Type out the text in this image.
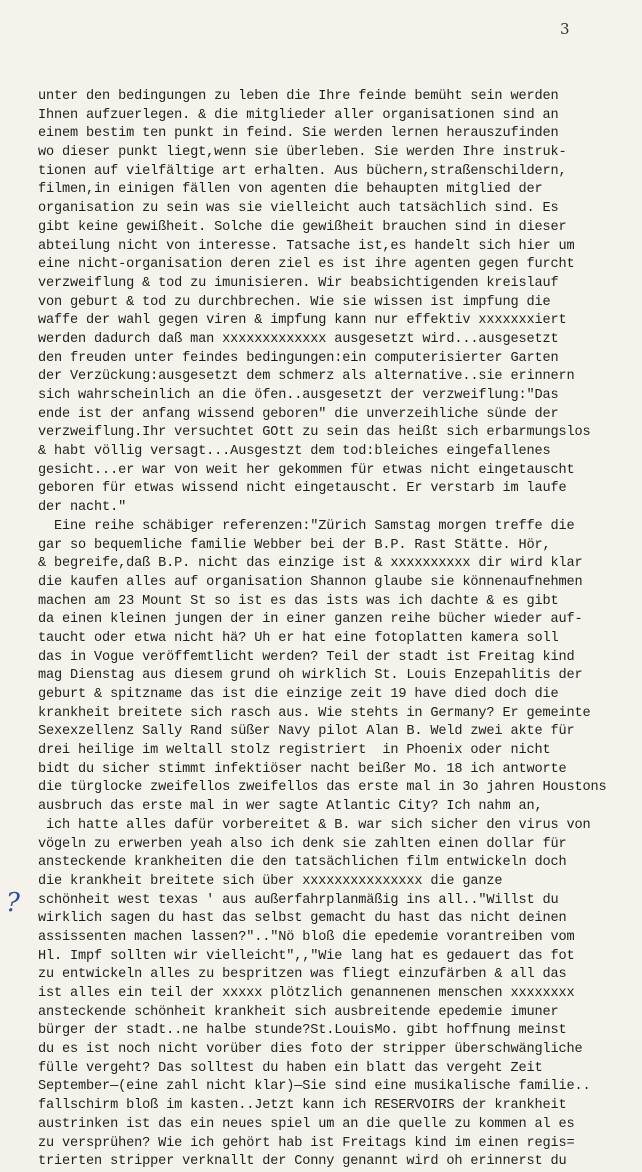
3
?
unter den bedingungen zu leben die Ihre feinde bemüht sein werden
Ihnen aufzuerlegen. & die mitglieder aller organisationen sind an
einem bestim ten punkt in feind. Sie werden lernen herauszufinden
wo dieser punkt liegt,wenn sie überleben. Sie werden Ihre instruk-
tionen auf vielfältige art erhalten. Aus büchern,straßenschildern,
filmen,in einigen fällen von agenten die behaupten mitglied der
organisation zu sein was sie vielleicht auch tatsächlich sind. Es
gibt keine gewißheit. Solche die gewißheit brauchen sind in dieser
abteilung nicht von interesse. Tatsache ist,es handelt sich hier um
eine nicht-organisation deren ziel es ist ihre agenten gegen furcht
verzweiflung & tod zu imunisieren. Wir beabsichtigenden kreislauf
von geburt & tod zu durchbrechen. Wie sie wissen ist impfung die
waffe der wahl gegen viren & impfung kann nur effektiv xxxxxxxiert
werden dadurch daß man xxxxxxxxxxxxx ausgesetzt wird...ausgesetzt
den freuden unter feindes bedingungen:ein computerisierter Garten
der Verzückung:ausgesetzt dem schmerz als alternative..sie erinnern
sich wahrscheinlich an die öfen..ausgesetzt der verzweiflung:"Das
ende ist der anfang wissend geboren" die unverzeihliche sünde der
verzweiflung.Ihr versuchtet GOtt zu sein das heißt sich erbarmungslos
& habt völlig versagt...Ausgestzt dem tod:bleiches eingefallenes
gesicht...er war von weit her gekommen für etwas nicht eingetauscht
geboren für etwas wissend nicht eingetauscht. Er verstarb im laufe
der nacht."
Eine reihe schäbiger referenzen:"Zürich Samstag morgen treffe die
gar so bequemliche familie Webber bei der B.P. Rast Stätte. Hör,
& begreife,daß B.P. nicht das einzige ist & xxxxxxxxxx dir wird klar
die kaufen alles auf organisation Shannon glaube sie könnenaufnehmen
machen am 23 Mount St so ist es das ists was ich dachte & es gibt
da einen kleinen jungen der in einer ganzen reihe bücher wieder auf-
taucht oder etwa nicht hä? Uh er hat eine fotoplatten kamera soll
das in Vogue veröffemtlicht werden? Teil der stadt ist Freitag kind
mag Dienstag aus diesem grund oh wirklich St. Louis Enzepahlitis der
geburt & spitzname das ist die einzige zeit 19 have died doch die
krankheit breitete sich rasch aus. Wie stehts in Germany? Er gemeinte
Sexexzellenz Sally Rand süßer Navy pilot Alan B. Weld zwei akte für
drei heilige im weltall stolz registriert  in Phoenix oder nicht
bidt du sicher stimmt infektiöser nacht beißer Mo. 18 ich antworte
die türglocke zweifellos zweifellos das erste mal in 3o jahren Houstons
ausbruch das erste mal in wer sagte Atlantic City? Ich nahm an,
ich hatte alles dafür vorbereitet & B. war sich sicher den virus von
vögeln zu erwerben yeah also ich denk sie zahlten einen dollar für
ansteckende krankheiten die den tatsächlichen film entwickeln doch
die krankheit breitete sich über xxxxxxxxxxxxxxx die ganze
schönheit west texas ' aus außerfahrplanmäßig ins all.."Willst du
wirklich sagen du hast das selbst gemacht du hast das nicht deinen
assissenten machen lassen?".."Nö bloß die epedemie vorantreiben vom
Hl. Impf sollten wir vielleicht",,"Wie lang hat es gedauert das fot
zu entwickeln alles zu bespritzen was fliegt einzufärben & all das
ist alles ein teil der xxxxx plötzlich genannenen menschen xxxxxxxx
ansteckende schönheit krankheit sich ausbreitende epedemie imuner
bürger der stadt..ne halbe stunde?St.LouisMo. gibt hoffnung meinst
du es ist noch nicht vorüber dies foto der stripper überschwängliche
fülle vergeht? Das solltest du haben ein blatt das vergeht Zeit
September—(eine zahl nicht klar)—Sie sind eine musikalische familie..
fallschirm bloß im kasten..Jetzt kann ich RESERVOIRS der krankheit
austrinken ist das ein neues spiel um an die quelle zu kommen al es
zu versprühen? Wie ich gehört hab ist Freitags kind im einen regis=
trierten stripper verknallt der Conny genannt wird oh erinnerst du
